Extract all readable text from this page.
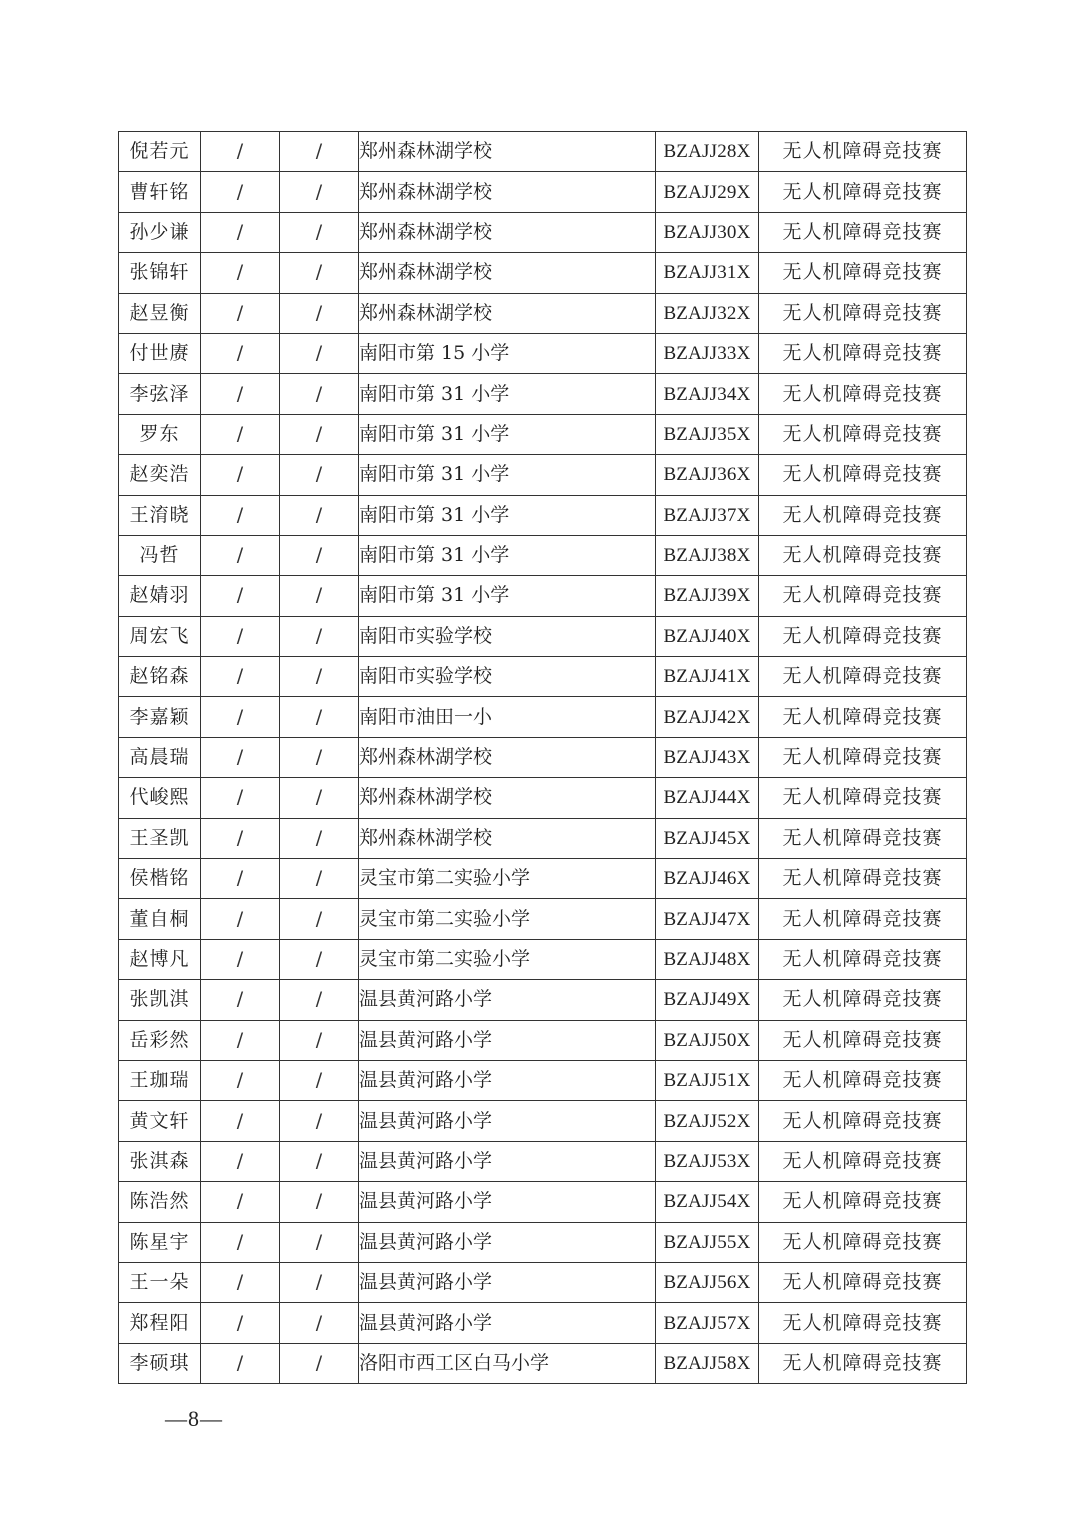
倪若元	/	/	郑州森林湖学校	BZAJJ28X	无人机障碍竞技赛
曹轩铭	/	/	郑州森林湖学校	BZAJJ29X	无人机障碍竞技赛
孙少谦	/	/	郑州森林湖学校	BZAJJ30X	无人机障碍竞技赛
张锦轩	/	/	郑州森林湖学校	BZAJJ31X	无人机障碍竞技赛
赵昱衡	/	/	郑州森林湖学校	BZAJJ32X	无人机障碍竞技赛
付世赓	/	/	南阳市第 15 小学	BZAJJ33X	无人机障碍竞技赛
李弦泽	/	/	南阳市第 31 小学	BZAJJ34X	无人机障碍竞技赛
罗东	/	/	南阳市第 31 小学	BZAJJ35X	无人机障碍竞技赛
赵奕浩	/	/	南阳市第 31 小学	BZAJJ36X	无人机障碍竞技赛
王淯晓	/	/	南阳市第 31 小学	BZAJJ37X	无人机障碍竞技赛
冯哲	/	/	南阳市第 31 小学	BZAJJ38X	无人机障碍竞技赛
赵婧羽	/	/	南阳市第 31 小学	BZAJJ39X	无人机障碍竞技赛
周宏飞	/	/	南阳市实验学校	BZAJJ40X	无人机障碍竞技赛
赵铭森	/	/	南阳市实验学校	BZAJJ41X	无人机障碍竞技赛
李嘉颖	/	/	南阳市油田一小	BZAJJ42X	无人机障碍竞技赛
高晨瑞	/	/	郑州森林湖学校	BZAJJ43X	无人机障碍竞技赛
代峻熙	/	/	郑州森林湖学校	BZAJJ44X	无人机障碍竞技赛
王圣凯	/	/	郑州森林湖学校	BZAJJ45X	无人机障碍竞技赛
侯楷铭	/	/	灵宝市第二实验小学	BZAJJ46X	无人机障碍竞技赛
董自桐	/	/	灵宝市第二实验小学	BZAJJ47X	无人机障碍竞技赛
赵博凡	/	/	灵宝市第二实验小学	BZAJJ48X	无人机障碍竞技赛
张凯淇	/	/	温县黄河路小学	BZAJJ49X	无人机障碍竞技赛
岳彩然	/	/	温县黄河路小学	BZAJJ50X	无人机障碍竞技赛
王珈瑞	/	/	温县黄河路小学	BZAJJ51X	无人机障碍竞技赛
黄文轩	/	/	温县黄河路小学	BZAJJ52X	无人机障碍竞技赛
张淇森	/	/	温县黄河路小学	BZAJJ53X	无人机障碍竞技赛
陈浩然	/	/	温县黄河路小学	BZAJJ54X	无人机障碍竞技赛
陈星宇	/	/	温县黄河路小学	BZAJJ55X	无人机障碍竞技赛
王一朵	/	/	温县黄河路小学	BZAJJ56X	无人机障碍竞技赛
郑程阳	/	/	温县黄河路小学	BZAJJ57X	无人机障碍竞技赛
李硕琪	/	/	洛阳市西工区白马小学	BZAJJ58X	无人机障碍竞技赛
—8—
